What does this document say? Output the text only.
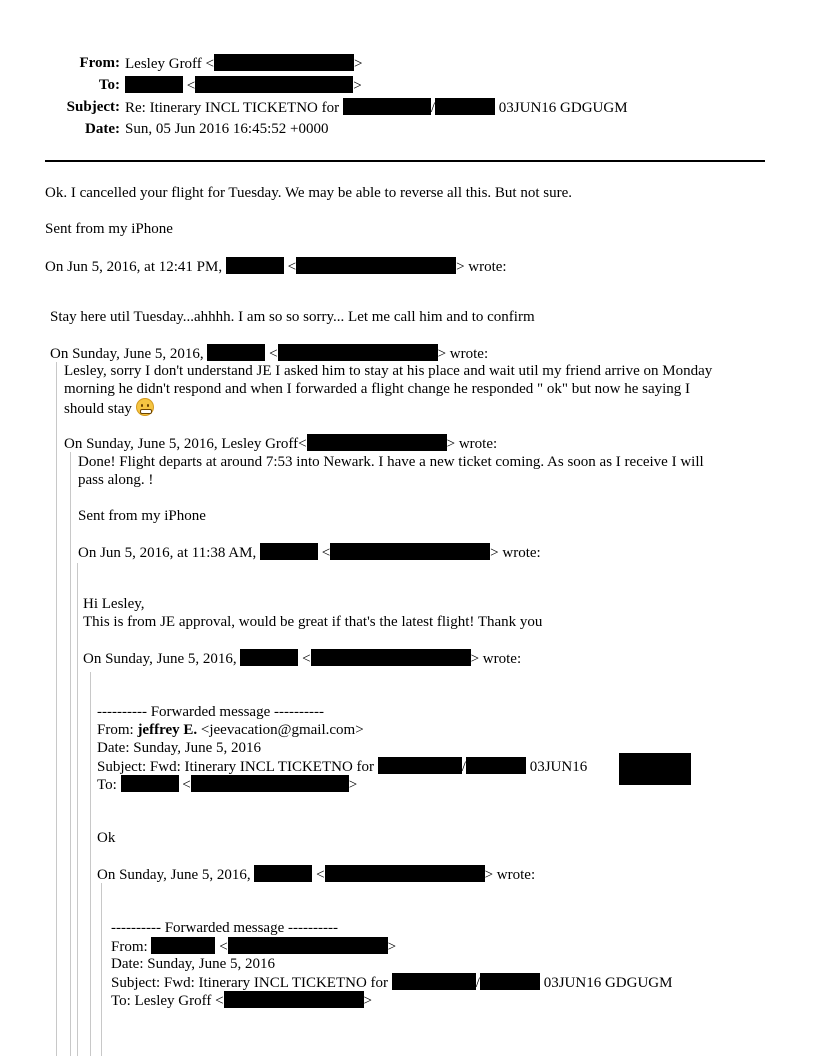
From: Lesley Groff <	>
To:	<	>
Subject: Re: Itinerary INCL TICKETNO for	/	03JUN16 GDGUGM
Date: Sun, 05 Jun 2016 16:45:52 +0000
Ok. I cancelled your flight for Tuesday. We may be able to reverse all this. But not sure.
Sent from my iPhone
On Jun 5, 2016, at 12:41 PM,	<	> wrote:
Stay here util Tuesday...ahhhh. I am so so sorry... Let me call him and to confirm
On Sunday, June 5, 2016,	<	> wrote:
Lesley, sorry I don't understand JE I asked him to stay at his place and wait util my friend arrive on Monday
morning he didn't respond and when I forwarded a flight change he responded " ok" but now he saying I
should stay
On Sunday, June 5, 2016, Lesley Groff<	> wrote:
Done! Flight departs at around 7:53 into Newark. I have a new ticket coming. As soon as I receive I will
pass along. !
Sent from my iPhone
On Jun 5, 2016, at 11:38 AM,	<	> wrote:
Hi Lesley,
This is from JE approval, would be great if that's the latest flight! Thank you
On Sunday, June 5, 2016,	<	> wrote:
---------- Forwarded message ----------
From: jeffrey E. <jeevacation@gmail.com>
Date: Sunday, June 5, 2016
Subject: Fwd: Itinerary INCL TICKETNO for	/	03JUN16
To:	<	>
Ok
On Sunday, June 5, 2016,	<	> wrote:
---------- Forwarded message ----------
From:	<	>
Date: Sunday, June 5, 2016
Subject: Fwd: Itinerary INCL TICKETNO for	/	03JUN16 GDGUGM
To: Lesley Groff <	>
